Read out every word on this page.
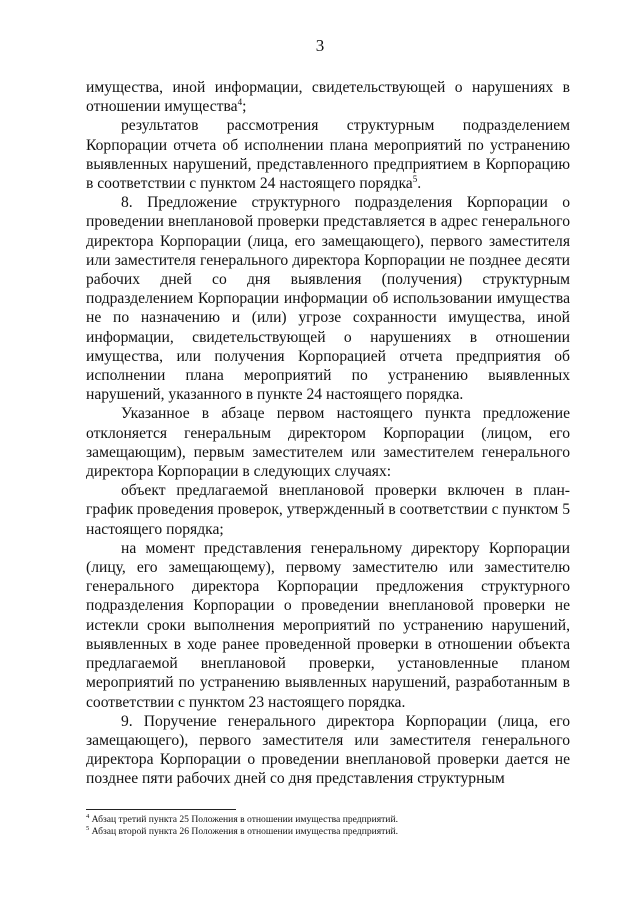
3

имущества, иной информации, свидетельствующей о нарушениях в отношении имущества$^4$;

результатов рассмотрения структурным подразделением Корпорации отчета об исполнении плана мероприятий по устранению выявленных нарушений, представленного предприятием в Корпорацию в соответствии с пунктом 24 настоящего порядка$^5$.

8. Предложение структурного подразделения Корпорации о проведении внеплановой проверки представляется в адрес генерального директора Корпорации (лица, его замещающего), первого заместителя или заместителя генерального директора Корпорации не позднее десяти рабочих дней со дня выявления (получения) структурным подразделением Корпорации информации об использовании имущества не по назначению и (или) угрозе сохранности имущества, иной информации, свидетельствующей о нарушениях в отношении имущества, или получения Корпорацией отчета предприятия об исполнении плана мероприятий по устранению выявленных нарушений, указанного в пункте 24 настоящего порядка.

Указанное в абзаце первом настоящего пункта предложение отклоняется генеральным директором Корпорации (лицом, его замещающим), первым заместителем или заместителем генерального директора Корпорации в следующих случаях:

объект предлагаемой внеплановой проверки включен в план-график проведения проверок, утвержденный в соответствии с пунктом 5 настоящего порядка;

на момент представления генеральному директору Корпорации (лицу, его замещающему), первому заместителю или заместителю генерального директора Корпорации предложения структурного подразделения Корпорации о проведении внеплановой проверки не истекли сроки выполнения мероприятий по устранению нарушений, выявленных в ходе ранее проведенной проверки в отношении объекта предлагаемой внеплановой проверки, установленные планом мероприятий по устранению выявленных нарушений, разработанным в соответствии с пунктом 23 настоящего порядка.

9. Поручение генерального директора Корпорации (лица, его замещающего), первого заместителя или заместителя генерального директора Корпорации о проведении внеплановой проверки дается не позднее пяти рабочих дней со дня представления структурным

$^4$ Абзац третий пункта 25 Положения в отношении имущества предприятий.

$^5$ Абзац второй пункта 26 Положения в отношении имущества предприятий.
